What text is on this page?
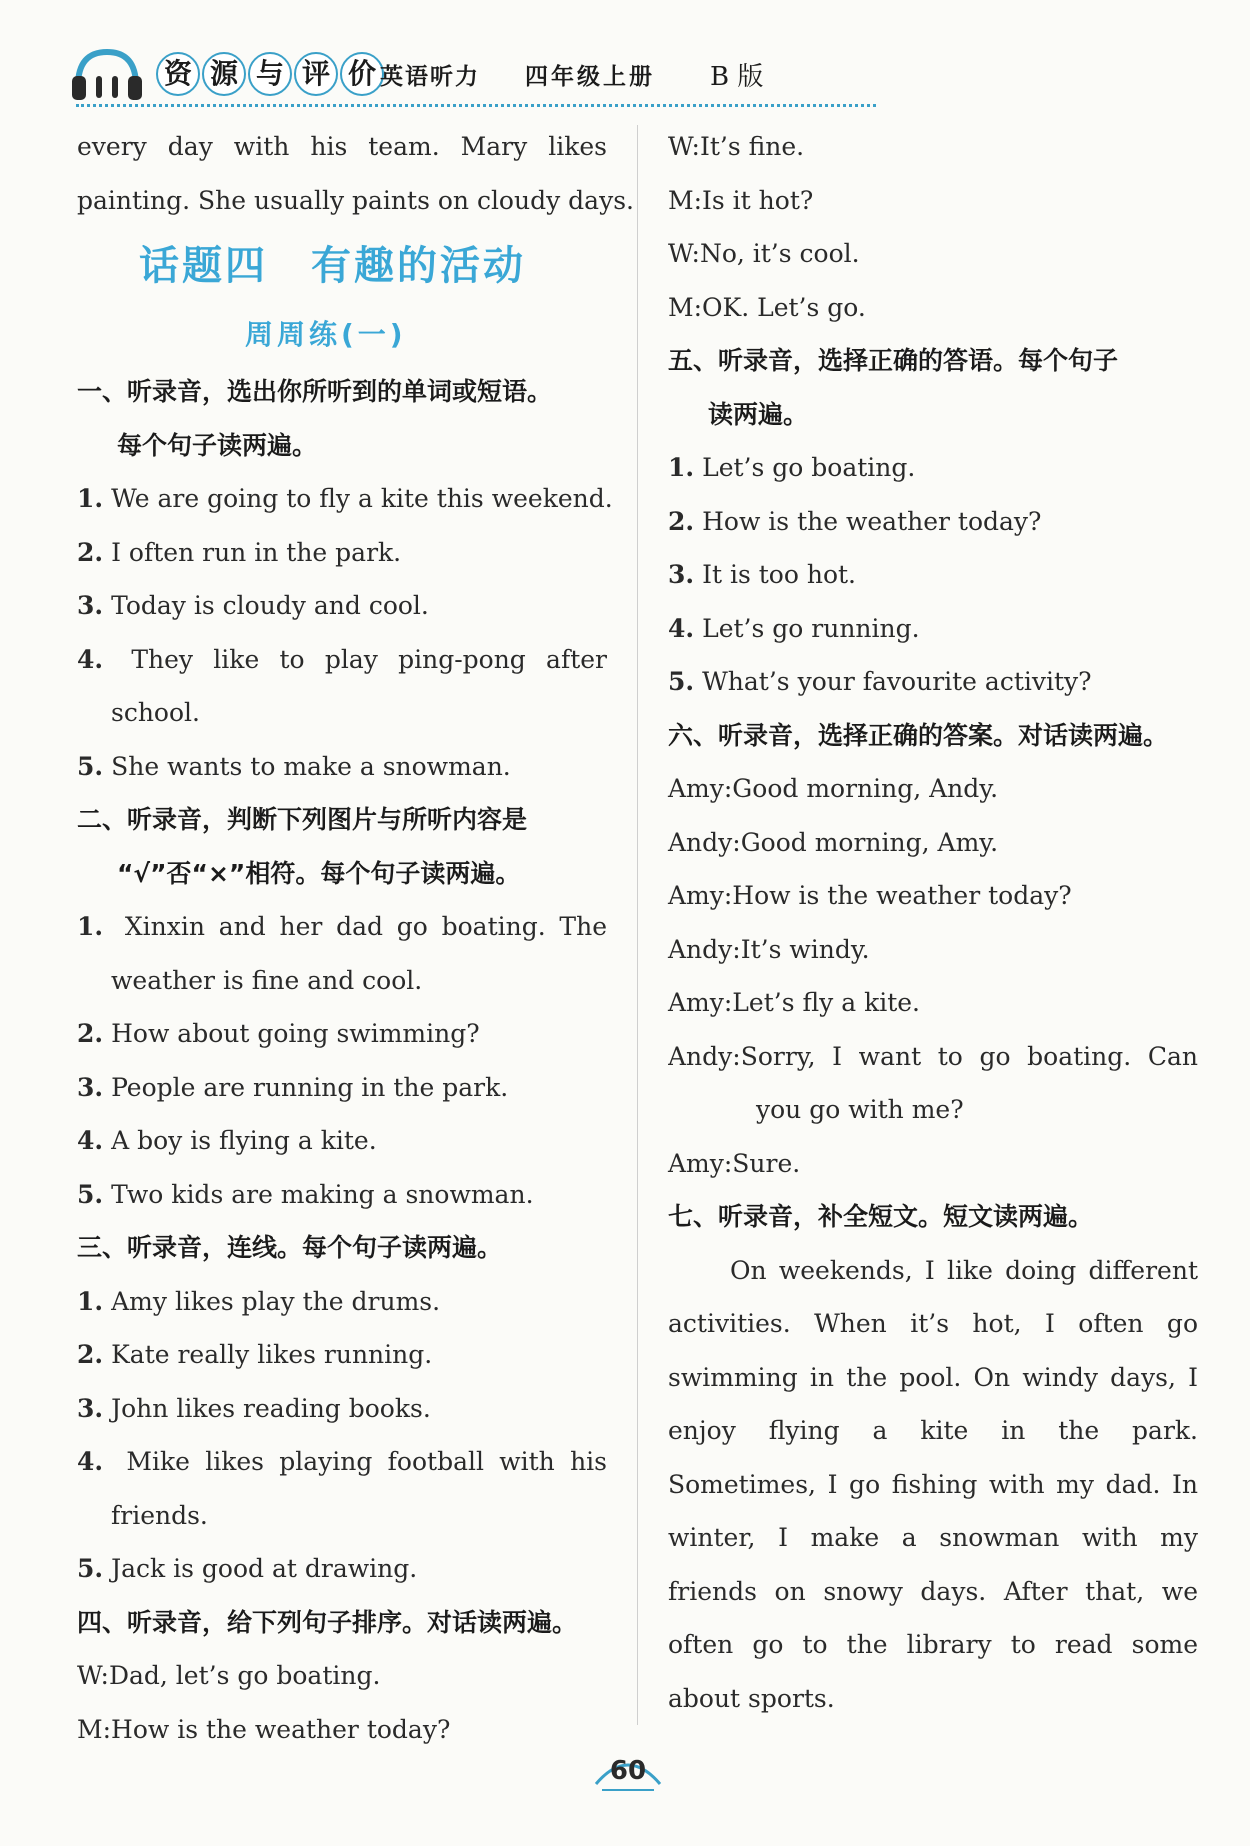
资 源 与 评 价 英语听力 四年级上册 B 版
every day with his team. Mary likes
painting. She usually paints on cloudy days.
话题四　有趣的活动
周周练(一)
一、听录音，选出你所听到的单词或短语。
每个句子读两遍。
1. We are going to fly a kite this weekend.
2. I often run in the park.
3. Today is cloudy and cool.
4. They like to play ping-pong after
school.
5. She wants to make a snowman.
二、听录音，判断下列图片与所听内容是
“√”否“×”相符。每个句子读两遍。
1. Xinxin and her dad go boating. The
weather is fine and cool.
2. How about going swimming?
3. People are running in the park.
4. A boy is flying a kite.
5. Two kids are making a snowman.
三、听录音，连线。每个句子读两遍。
1. Amy likes play the drums.
2. Kate really likes running.
3. John likes reading books.
4. Mike likes playing football with his
friends.
5. Jack is good at drawing.
四、听录音，给下列句子排序。对话读两遍。
W:Dad, let’s go boating.
M:How is the weather today?
W:It’s fine.
M:Is it hot?
W:No, it’s cool.
M:OK. Let’s go.
五、听录音，选择正确的答语。每个句子
读两遍。
1. Let’s go boating.
2. How is the weather today?
3. It is too hot.
4. Let’s go running.
5. What’s your favourite activity?
六、听录音，选择正确的答案。对话读两遍。
Amy:Good morning, Andy.
Andy:Good morning, Amy.
Amy:How is the weather today?
Andy:It’s windy.
Amy:Let’s fly a kite.
Andy:Sorry, I want to go boating. Can
you go with me?
Amy:Sure.
七、听录音，补全短文。短文读两遍。
On weekends, I like doing different
activities. When it’s hot, I often go
swimming in the pool. On windy days, I
enjoy flying a kite in the park.
Sometimes, I go fishing with my dad. In
winter, I make a snowman with my
friends on snowy days. After that, we
often go to the library to read some
about sports.
60
